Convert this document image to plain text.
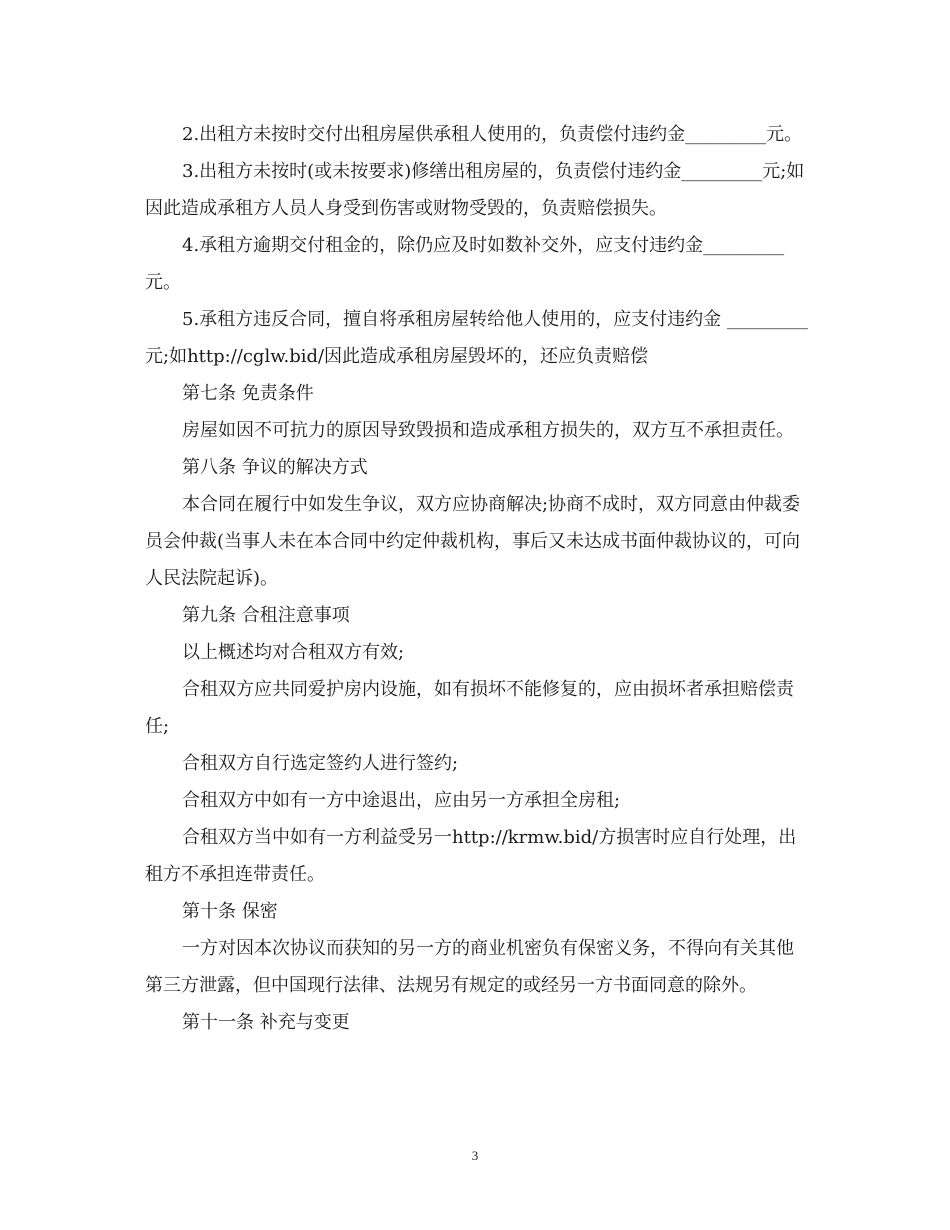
2.出租方未按时交付出租房屋供承租人使用的，负责偿付违约金_________元。

3.出租方未按时(或未按要求)修缮出租房屋的，负责偿付违约金_________元;如因此造成承租方人员人身受到伤害或财物受毁的，负责赔偿损失。

4.承租方逾期交付租金的，除仍应及时如数补交外，应支付违约金_________元。

5.承租方违反合同，擅自将承租房屋转给他人使用的，应支付违约金 _________元;如http://cglw.bid/因此造成承租房屋毁坏的，还应负责赔偿

第七条 免责条件

房屋如因不可抗力的原因导致毁损和造成承租方损失的，双方互不承担责任。

第八条 争议的解决方式

本合同在履行中如发生争议，双方应协商解决;协商不成时，双方同意由仲裁委员会仲裁(当事人未在本合同中约定仲裁机构，事后又未达成书面仲裁协议的，可向人民法院起诉)。

第九条 合租注意事项

以上概述均对合租双方有效;

合租双方应共同爱护房内设施，如有损坏不能修复的，应由损坏者承担赔偿责任;

合租双方自行选定签约人进行签约;

合租双方中如有一方中途退出，应由另一方承担全房租;

合租双方当中如有一方利益受另一http://krmw.bid/方损害时应自行处理，出租方不承担连带责任。

第十条 保密

一方对因本次协议而获知的另一方的商业机密负有保密义务，不得向有关其他第三方泄露，但中国现行法律、法规另有规定的或经另一方书面同意的除外。

第十一条 补充与变更

3
